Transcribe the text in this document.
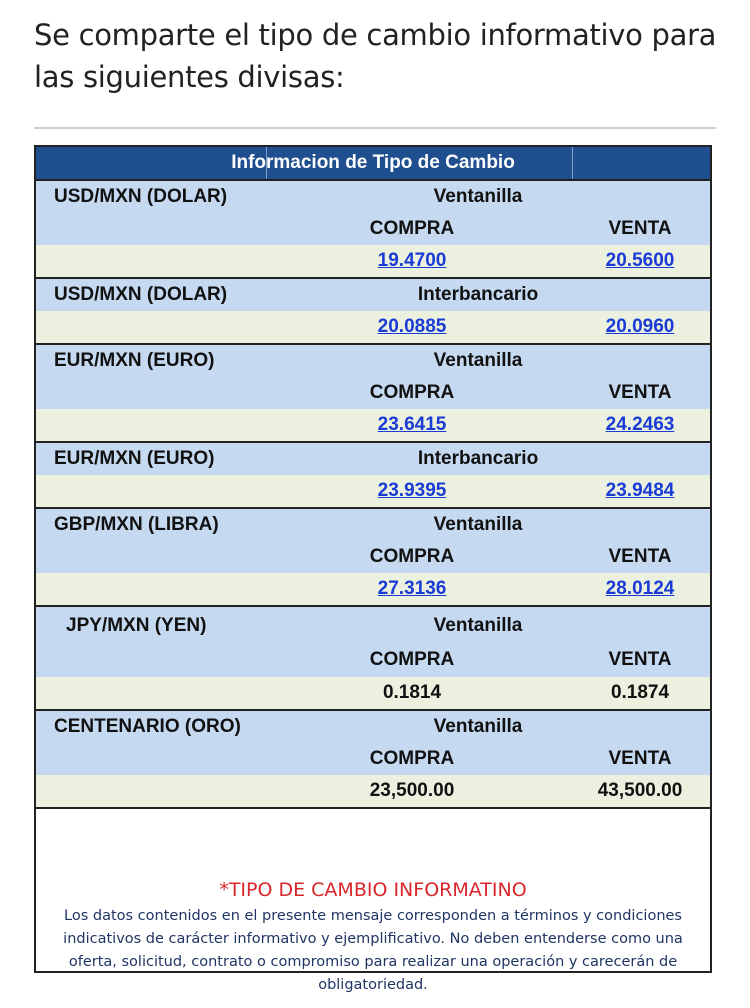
Se comparte el tipo de cambio informativo para las siguientes divisas:
Informacion de Tipo de Cambio
USD/MXN (DOLAR)	Ventanilla
COMPRA	VENTA
19.4700	20.5600
USD/MXN (DOLAR)	Interbancario
20.0885	20.0960
EUR/MXN (EURO)	Ventanilla
COMPRA	VENTA
23.6415	24.2463
EUR/MXN (EURO)	Interbancario
23.9395	23.9484
GBP/MXN (LIBRA)	Ventanilla
COMPRA	VENTA
27.3136	28.0124
JPY/MXN (YEN)	Ventanilla
COMPRA	VENTA
0.1814	0.1874
CENTENARIO (ORO)	Ventanilla
COMPRA	VENTA
23,500.00	43,500.00
*TIPO DE CAMBIO INFORMATINO
Los datos contenidos en el presente mensaje corresponden a términos y condiciones indicativos de carácter informativo y ejemplificativo. No deben entenderse como una oferta, solicitud, contrato o compromiso para realizar una operación y carecerán de obligatoriedad.
